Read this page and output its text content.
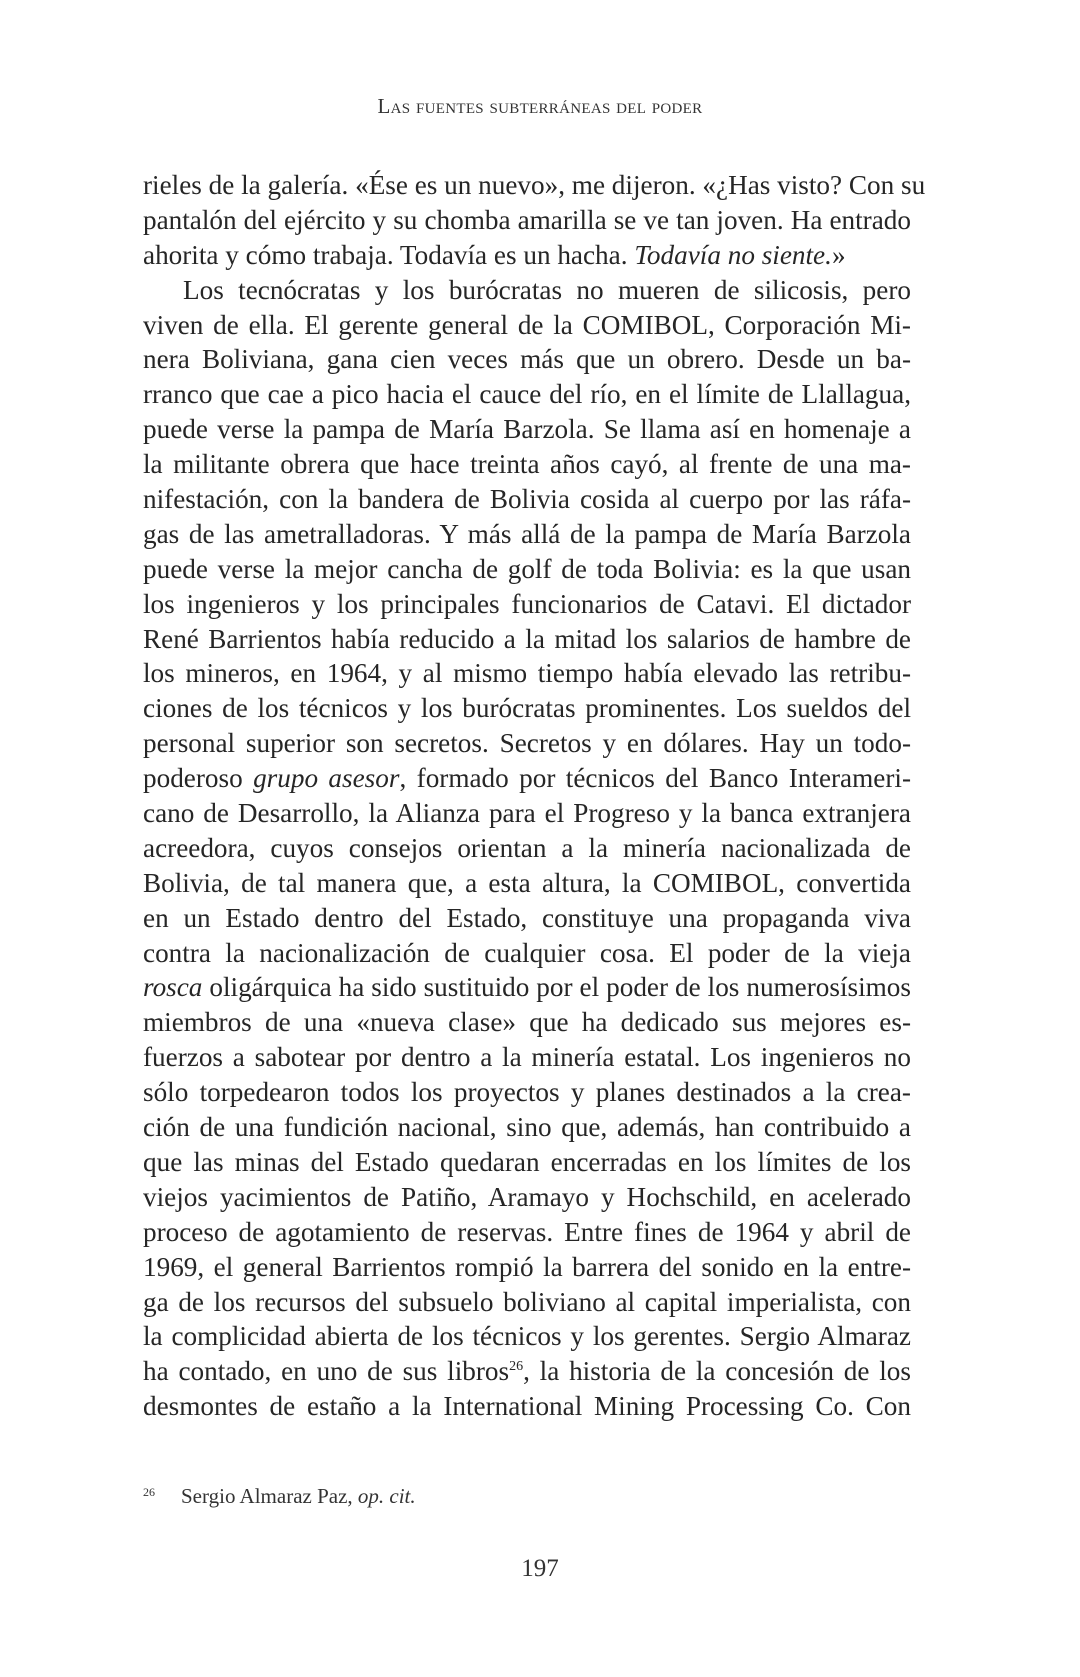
Las fuentes subterráneas del poder
rieles de la galería. «Ése es un nuevo», me dijeron. «¿Has visto? Con su
pantalón del ejército y su chomba amarilla se ve tan joven. Ha entrado
ahorita y cómo trabaja. Todavía es un hacha. Todavía no siente.»
Los tecnócratas y los burócratas no mueren de silicosis, pero
viven de ella. El gerente general de la COMIBOL, Corporación Mi-
nera Boliviana, gana cien veces más que un obrero. Desde un ba-
rranco que cae a pico hacia el cauce del río, en el límite de Llallagua,
puede verse la pampa de María Barzola. Se llama así en homenaje a
la militante obrera que hace treinta años cayó, al frente de una ma-
nifestación, con la bandera de Bolivia cosida al cuerpo por las ráfa-
gas de las ametralladoras. Y más allá de la pampa de María Barzola
puede verse la mejor cancha de golf de toda Bolivia: es la que usan
los ingenieros y los principales funcionarios de Catavi. El dictador
René Barrientos había reducido a la mitad los salarios de hambre de
los mineros, en 1964, y al mismo tiempo había elevado las retribu-
ciones de los técnicos y los burócratas prominentes. Los sueldos del
personal superior son secretos. Secretos y en dólares. Hay un todo-
poderoso grupo asesor, formado por técnicos del Banco Interameri-
cano de Desarrollo, la Alianza para el Progreso y la banca extranjera
acreedora, cuyos consejos orientan a la minería nacionalizada de
Bolivia, de tal manera que, a esta altura, la COMIBOL, convertida
en un Estado dentro del Estado, constituye una propaganda viva
contra la nacionalización de cualquier cosa. El poder de la vieja
rosca oligárquica ha sido sustituido por el poder de los numerosísimos
miembros de una «nueva clase» que ha dedicado sus mejores es-
fuerzos a sabotear por dentro a la minería estatal. Los ingenieros no
sólo torpedearon todos los proyectos y planes destinados a la crea-
ción de una fundición nacional, sino que, además, han contribuido a
que las minas del Estado quedaran encerradas en los límites de los
viejos yacimientos de Patiño, Aramayo y Hochschild, en acelerado
proceso de agotamiento de reservas. Entre fines de 1964 y abril de
1969, el general Barrientos rompió la barrera del sonido en la entre-
ga de los recursos del subsuelo boliviano al capital imperialista, con
la complicidad abierta de los técnicos y los gerentes. Sergio Almaraz
ha contado, en uno de sus libros$^{26}$, la historia de la concesión de los
desmontes de estaño a la International Mining Processing Co. Con
26 Sergio Almaraz Paz, op. cit.
197
